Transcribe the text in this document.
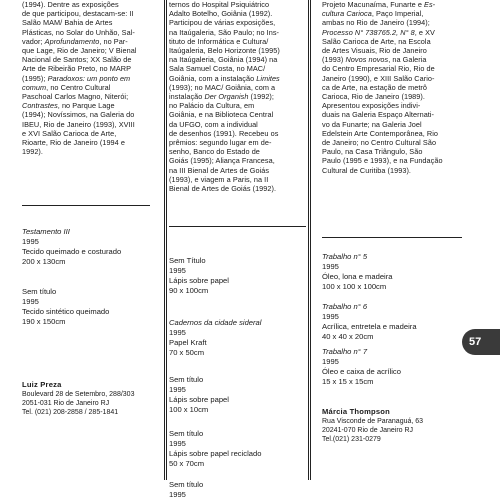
(1994). Dentre as exposições
de que participou, destacam-se: II
Salão MAM/ Bahia de Artes
Plásticas, no Solar do Unhão, Sal-
vador; Aprofundamento, no Par-
que Lage, Rio de Janeiro; V Bienal
Nacional de Santos; XX Salão de
Arte de Ribeirão Preto, no MARP
(1995); Paradoxos: um ponto em
comum, no Centro Cultural
Paschoal Carlos Magno, Niterói;
Contrastes, no Parque Lage
(1994); Novíssimos, na Galeria do
IBEU, Rio de Janeiro (1993), XVIII
e XVI Salão Carioca de Arte,
Rioarte, Rio de Janeiro (1994 e
1992).
Testamento III
1995
Tecido queimado e costurado
200 x 130cm
Sem título
1995
Tecido sintético queimado
190 x 150cm
Luiz Preza
Boulevard 28 de Setembro, 288/303
2051-031 Rio de Janeiro RJ
Tel. (021) 208-2858 / 285-1841
ternos do Hospital Psiquiátrico
Adalto Botelho, Goiânia (1992).
Participou de várias exposições,
na Itaúgaleria, São Paulo; no Ins-
tituto de Informática e Cultura/
Itaúgaleria, Belo Horizonte (1995)
na Itaúgaleria, Goiânia (1994) na
Sala Samuel Costa, no MAC/
Goiânia, com a instalação Limites
(1993); no MAC/ Goiânia, com a
instalação Der Organish (1992);
no Palácio da Cultura, em
Goiânia, e na Biblioteca Central
da UFGO, com a individual
de desenhos (1991). Recebeu os
prêmios: segundo lugar em de-
senho, Banco do Estado de
Goiás (1995); Aliança Francesa,
na III Bienal de Artes de Goiás
(1993), e viagem a Paris, na II
Bienal de Artes de Goiás (1992).
Sem Título
1995
Lápis sobre papel
90 x 100cm
Cadernos da cidade sideral
1995
Papel Kraft
70 x 50cm
Sem título
1995
Lápis sobre papel
100 x 10cm
Sem título
1995
Lápis sobre papel reciclado
50 x 70cm
Sem título
1995
Projeto Macunaíma, Funarte e Es-
cultura Carioca, Paço Imperial,
ambas no Rio de Janeiro (1994);
Processo N° 738765.2, N° 8, e XV
Salão Carioca de Arte, na Escola
de Artes Visuais, Rio de Janeiro
(1993) Novos novos, na Galeria
do Centro Empresarial Rio, Rio de
Janeiro (1990), e XIII Salão Cario-
ca de Arte, na estação de metrô
Carioca, Rio de Janeiro (1989).
Apresentou exposições indivi-
duais na Galeria Espaço Alternati-
vo da Funarte; na Galeria Joel
Edelstein Arte Contemporânea, Rio
de Janeiro; no Centro Cultural São
Paulo, na Casa Triângulo, São
Paulo (1995 e 1993), e na Fundação
Cultural de Curitiba (1993).
Trabalho n° 5
1995
Óleo, lona e madeira
100 x 100 x 100cm
Trabalho n° 6
1995
Acrílica, entretela e madeira
40 x 40 x 20cm
Trabalho n° 7
1995
Óleo e caixa de acrílico
15 x 15 x 15cm
Márcia Thompson
Rua Visconde de Paranaguá, 63
20241-070 Rio de Janeiro RJ
Tel.(021) 231-0279
57
